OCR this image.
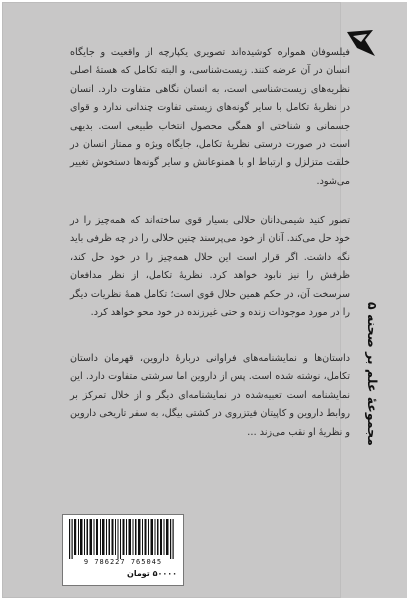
فیلسوفان همواره کوشیده‌اند تصویری یکپارچه از واقعیت و جایگاه انسان در آن عرضه کنند. زیست‌شناسی، و البته تکامل که هستهٔ اصلی نظریه‌های زیست‌شناسی است، به انسان نگاهی متفاوت دارد. انسان در نظریهٔ تکامل با سایر گونه‌های زیستی تفاوت چندانی ندارد و قوای جسمانی و شناختی او همگی محصول انتخاب طبیعی است. بدیهی است در صورت درستی نظریهٔ تکامل، جایگاه ویژه و ممتاز انسان در خلقت متزلزل و ارتباط او با همنوعانش و سایر گونه‌ها دستخوش تغییر می‌شود.

تصور کنید شیمی‌دانان حلالی بسیار قوی ساخته‌اند که همه‌چیز را در خود حل می‌کند. آنان از خود می‌پرسند چنین حلالی را در چه ظرفی باید نگه داشت. اگر قرار است این حلال همه‌چیز را در خود حل کند، ظرفش را نیز نابود خواهد کرد. نظریهٔ تکامل، از نظر مدافعان سرسخت آن، در حکم همین حلال قوی است؛ تکامل همهٔ نظریات دیگر را در مورد موجودات زنده و حتی غیرزنده در خود محو خواهد کرد.

داستان‌ها و نمایشنامه‌های فراوانی دربارهٔ داروین، قهرمان داستان تکامل، نوشته شده است. پس از داروین اما سرشتی متفاوت دارد. این نمایشنامه است تعبیه‌شده در نمایشنامه‌ای دیگر و از خلال تمرکز بر روابط داروین و کاپیتان فیتزروی در کشتی بیگل، به سفر تاریخی داروین و نظریهٔ او نقب می‌زند …

مجموعهٔ علم بر صحنه ۵
9 786227 765045
۵۰۰۰۰ تومان
